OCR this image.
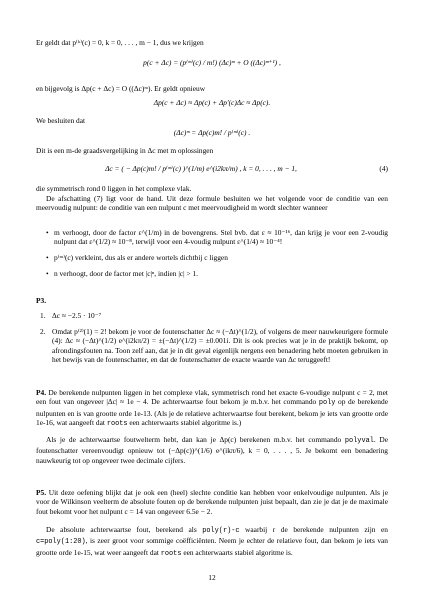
Er geldt dat p⁽ᵏ⁾(c) = 0, k = 0, . . . , m − 1, dus we krijgen

p(c + Δc) = (p⁽ᵐ⁾(c) / m!) (Δc)ᵐ + O ((Δc)ᵐ⁺¹) ,

en bijgevolg is Δp(c + Δc) = O ((Δc)ᵐ). Er geldt opnieuw

Δp(c + Δc) ≈ Δp(c) + Δp′(c)Δc ≈ Δp(c).

We besluiten dat

(Δc)ᵐ = Δp(c)m! / p⁽ᵐ⁾(c) .

Dit is een m-de graadsvergelijking in Δc met m oplossingen

Δc = ( − Δp(c)m! / p⁽ᵐ⁾(c) )^(1/m) e^(i2kπ/m) , k = 0, . . . , m − 1,	(4)

die symmetrisch rond 0 liggen in het complexe vlak.

De afschatting (7) ligt voor de hand. Uit deze formule besluiten we het volgende voor de conditie van een meervoudig nulpunt: de conditie van een nulpunt c met meervoudigheid m wordt slechter wanneer

• m verhoogt, door de factor ε^(1/m) in de bovengrens. Stel bvb. dat ε ≈ 10⁻¹⁶, dan krijg je voor een 2-voudig nulpunt dat ε^(1/2) ≈ 10⁻⁸, terwijl voor een 4-voudig nulpunt ε^(1/4) ≈ 10⁻⁴!

• p⁽ᵐ⁾(c) verkleint, dus als er andere wortels dichtbij c liggen

• n verhoogt, door de factor met |c|ⁿ, indien |c| > 1.

P3.

1. Δc ≈ −2.5 · 10⁻⁷

2. Omdat p⁽²⁾(1) = 2! bekom je voor de foutenschatter Δc ≈ (−Δt)^(1/2), of volgens de meer nauwkeurigere formule (4): Δc ≈ (−Δt)^(1/2) e^(i2kπ/2) = ±(−Δt)^(1/2) = ±0.001i. Dit is ook precies wat je in de praktijk bekomt, op afrondingsfouten na. Toon zelf aan, dat je in dit geval eigenlijk nergens een benadering hebt moeten gebruiken in het bewijs van de foutenschatter, en dat de foutenschatter de exacte waarde van Δc teruggeeft!

P4. De berekende nulpunten liggen in het complexe vlak, symmetrisch rond het exacte 6-voudige nulpunt c = 2, met een fout van ongeveer |Δc| ≈ 1e − 4. De achterwaartse fout bekom je m.b.v. het commando poly op de berekende nulpunten en is van grootte orde 1e-13. (Als je de relatieve achterwaartse fout berekent, bekom je iets van grootte orde 1e-16, wat aangeeft dat roots een achterwaarts stabiel algoritme is.)

Als je de achterwaartse foutwelterm hebt, dan kan je Δp(c) berekenen m.b.v. het commando polyval. De foutenschatter vereenvoudigt opnieuw tot (−Δp(c))^(1/6) e^(ikπ/6), k = 0, . . . , 5. Je bekomt een benadering nauwkeurig tot op ongeveer twee decimale cijfers.

P5. Uit deze oefening blijkt dat je ook een (heel) slechte conditie kan hebben voor enkelvoudige nulpunten. Als je voor de Wilkinson veelterm de absolute fouten op de berekende nulpunten juist bepaalt, dan zie je dat je de maximale fout bekomt voor het nulpunt c = 14 van ongeveer 6.5e − 2.

De absolute achterwaartse fout, berekend als poly(r)-c waarbij r de berekende nulpunten zijn en c=poly(1:20), is zeer groot voor sommige coëfficiënten. Neem je echter de relatieve fout, dan bekom je iets van grootte orde 1e-15, wat weer aangeeft dat roots een achterwaarts stabiel algoritme is.

12
